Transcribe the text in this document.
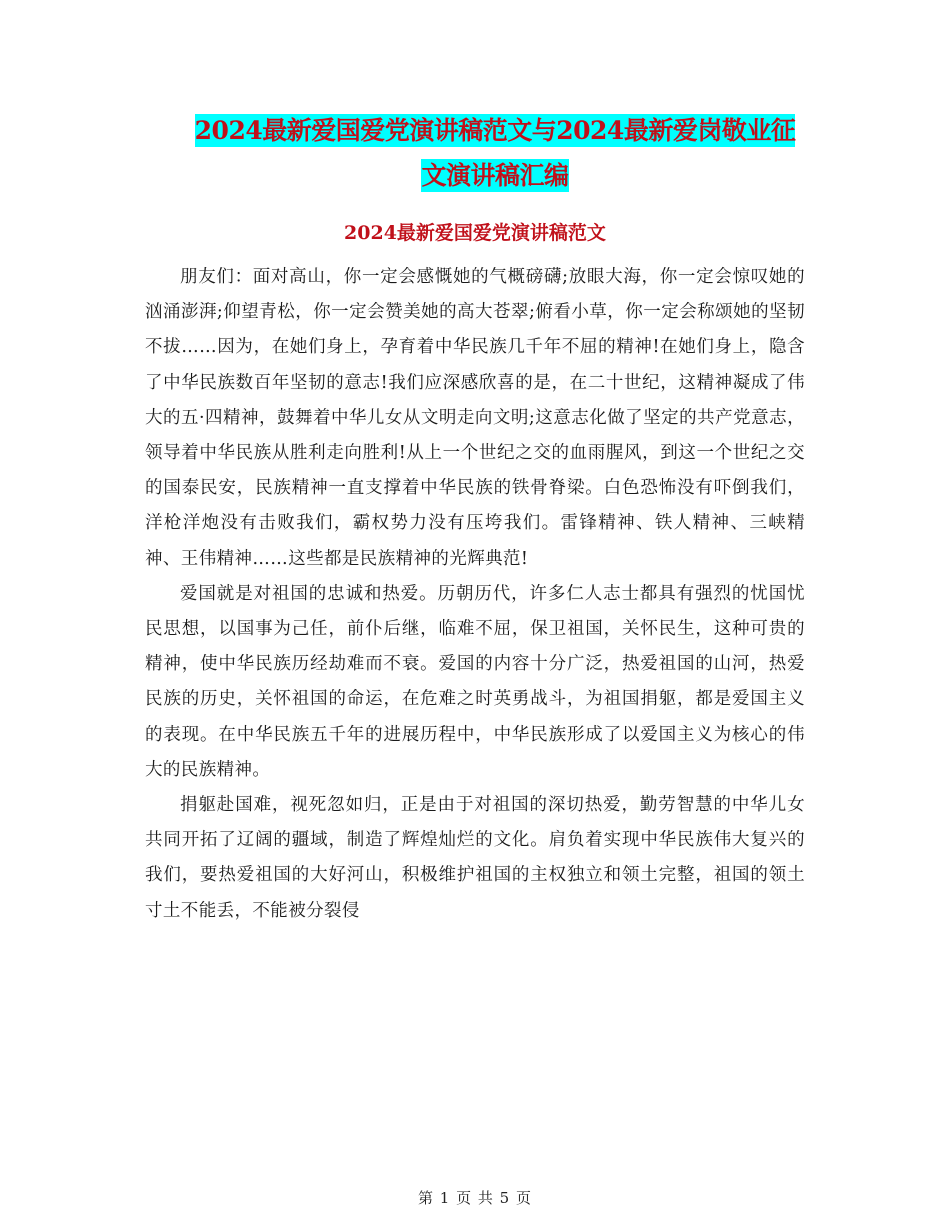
2024最新爱国爱党演讲稿范文与2024最新爱岗敬业征
文演讲稿汇编
2024最新爱国爱党演讲稿范文

朋友们：面对高山，你一定会感慨她的气概磅礴;放眼大海，你一定会惊叹她的汹涌澎湃;仰望青松，你一定会赞美她的高大苍翠;俯看小草，你一定会称颂她的坚韧不拔……因为，在她们身上，孕育着中华民族几千年不屈的精神!在她们身上，隐含了中华民族数百年坚韧的意志!我们应深感欣喜的是，在二十世纪，这精神凝成了伟大的五·四精神，鼓舞着中华儿女从文明走向文明;这意志化做了坚定的共产党意志，领导着中华民族从胜利走向胜利!从上一个世纪之交的血雨腥风，到这一个世纪之交的国泰民安，民族精神一直支撑着中华民族的铁骨脊梁。白色恐怖没有吓倒我们，洋枪洋炮没有击败我们，霸权势力没有压垮我们。雷锋精神、铁人精神、三峡精神、王伟精神……这些都是民族精神的光辉典范!

爱国就是对祖国的忠诚和热爱。历朝历代，许多仁人志士都具有强烈的忧国忧民思想，以国事为己任，前仆后继，临难不屈，保卫祖国，关怀民生，这种可贵的精神，使中华民族历经劫难而不衰。爱国的内容十分广泛，热爱祖国的山河，热爱民族的历史，关怀祖国的命运，在危难之时英勇战斗，为祖国捐躯，都是爱国主义的表现。在中华民族五千年的进展历程中，中华民族形成了以爱国主义为核心的伟大的民族精神。

捐躯赴国难，视死忽如归，正是由于对祖国的深切热爱，勤劳智慧的中华儿女共同开拓了辽阔的疆域，制造了辉煌灿烂的文化。肩负着实现中华民族伟大复兴的我们，要热爱祖国的大好河山，积极维护祖国的主权独立和领土完整，祖国的领土寸土不能丢，不能被分裂侵

第 1 页 共 5 页
